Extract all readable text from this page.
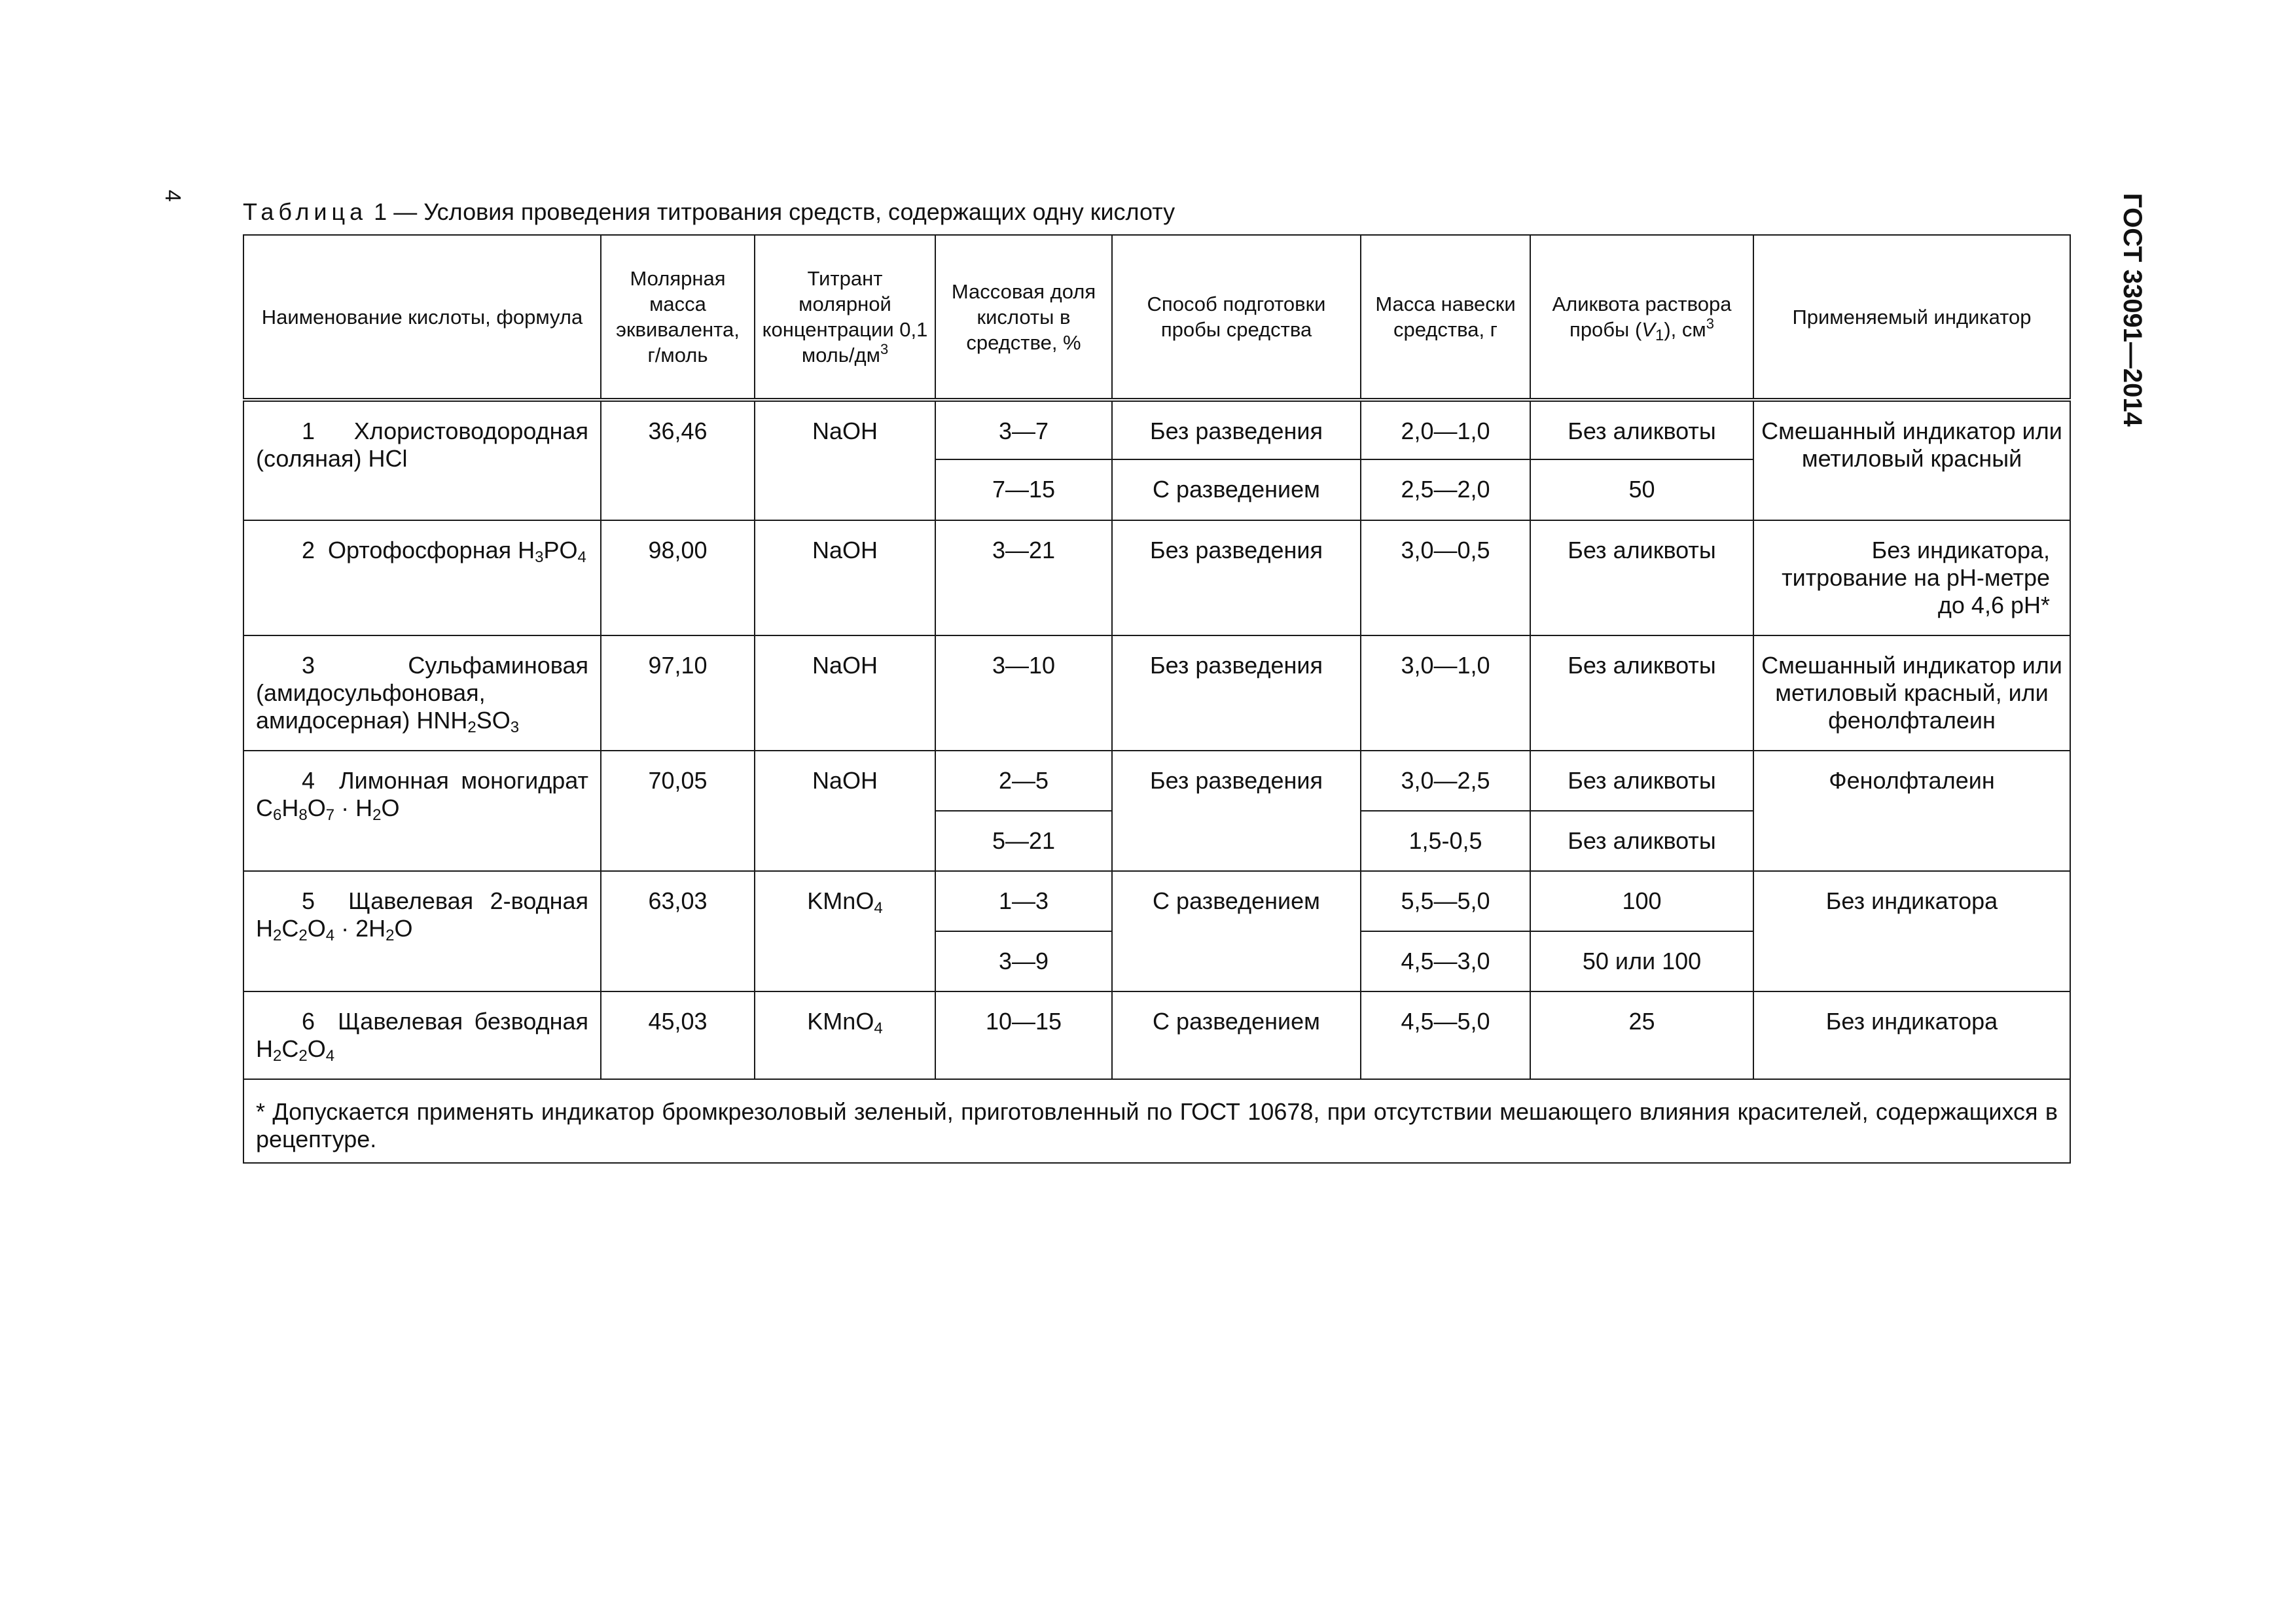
4	ГОСТ 33091—2014
Таблица 1 — Условия проведения титрования средств, содержащих одну кислоту
Наименование кислоты, формула	Молярная масса эквивалента, г/моль	Титрант молярной концентрации 0,1 моль/$дм^3$	Массовая доля кислоты в средстве, %	Способ подготовки пробы средства	Масса навески средства, г	Аликвота раствора пробы $(V_1)$, $см^3$	Применяемый индикатор
1 Хлористоводородная (соляная) HCl	36,46	NaOH	3—7	Без разведения	2,0—1,0	Без аликвоты	Смешанный индикатор или метиловый красный
			7—15	С разведением	2,5—2,0	50	
2 Ортофосфорная $H_3PO_4$	98,00	NaOH	3—21	Без разведения	3,0—0,5	Без аликвоты	Без индикатора,
титрование на pH-метре
до 4,6 pH*

3 Сульфаминовая (амидосульфоновая, амидосерная) $HNH_2SO_3$	97,10	NaOH	3—10	Без разведения	3,0—1,0	Без аликвоты	Смешанный индикатор или метиловый красный, или фенолфталеин
4 Лимонная моногидрат $C_6H_8O_7 \cdot H_2O$	70,05	NaOH	2—5	Без разведения	3,0—2,5	Без аликвоты	Фенолфталеин
			5—21		1,5-0,5	Без аликвоты	
5 Щавелевая 2-водная $H_2C_2O_4 \cdot 2H_2O$	63,03	KMnO$_4$	1—3	С разведением	5,5—5,0	100	Без индикатора
			3—9		4,5—3,0	50 или 100	
6 Щавелевая безводная $H_2C_2O_4$	45,03	KMnO$_4$	10—15	С разведением	4,5—5,0	25	Без индикатора
* Допускается применять индикатор бромкрезоловый зеленый, приготовленный по ГОСТ 10678, при отсутствии мешающего влияния красителей, содержащихся в рецептуре.							
